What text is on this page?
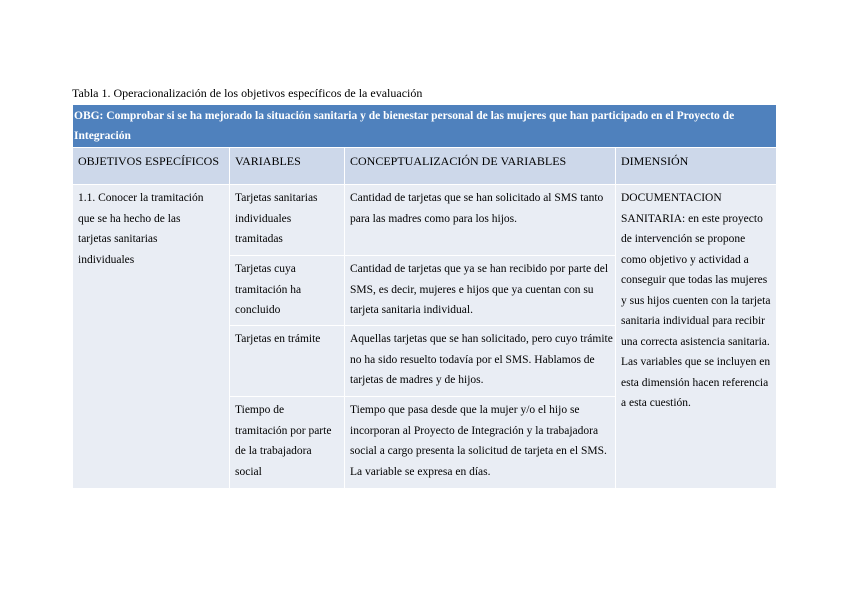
Tabla 1. Operacionalización de los objetivos específicos de la evaluación
OBG: Comprobar si se ha mejorado la situación sanitaria y de bienestar personal de las mujeres que han participado en el Proyecto de Integración			
OBJETIVOS ESPECÍFICOS	VARIABLES	CONCEPTUALIZACIÓN DE VARIABLES	DIMENSIÓN
1.1. Conocer la tramitación que se ha hecho de las tarjetas sanitarias individuales	Tarjetas sanitarias individuales tramitadas	Cantidad de tarjetas que se han solicitado al SMS tanto para las madres como para los hijos.	DOCUMENTACION SANITARIA: en este proyecto de intervención se propone como objetivo y actividad a conseguir que todas las mujeres y sus hijos cuenten con la tarjeta sanitaria individual para recibir una correcta asistencia sanitaria. Las variables que se incluyen en esta dimensión hacen referencia a esta cuestión.
	Tarjetas cuya tramitación ha concluido	Cantidad de tarjetas que ya se han recibido por parte del SMS, es decir, mujeres e hijos que ya cuentan con su tarjeta sanitaria individual.	
	Tarjetas en trámite	Aquellas tarjetas que se han solicitado, pero cuyo trámite no ha sido resuelto todavía por el SMS. Hablamos de tarjetas de madres y de hijos.	
	Tiempo de tramitación por parte de la trabajadora social	Tiempo que pasa desde que la mujer y/o el hijo se incorporan al Proyecto de Integración y la trabajadora social a cargo presenta la solicitud de tarjeta en el SMS. La variable se expresa en días.	
